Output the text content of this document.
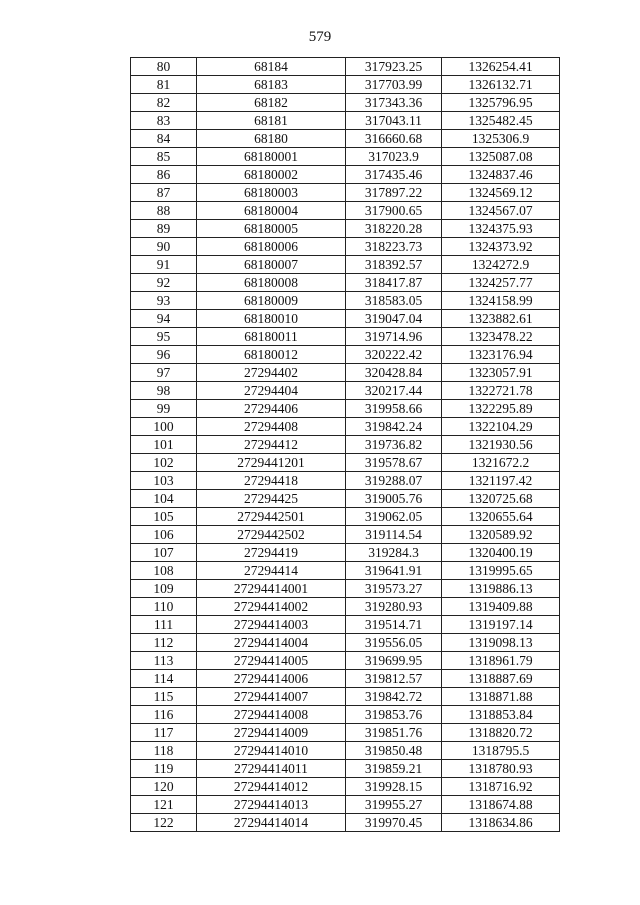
579
80	68184	317923.25	1326254.41
81	68183	317703.99	1326132.71
82	68182	317343.36	1325796.95
83	68181	317043.11	1325482.45
84	68180	316660.68	1325306.9
85	68180001	317023.9	1325087.08
86	68180002	317435.46	1324837.46
87	68180003	317897.22	1324569.12
88	68180004	317900.65	1324567.07
89	68180005	318220.28	1324375.93
90	68180006	318223.73	1324373.92
91	68180007	318392.57	1324272.9
92	68180008	318417.87	1324257.77
93	68180009	318583.05	1324158.99
94	68180010	319047.04	1323882.61
95	68180011	319714.96	1323478.22
96	68180012	320222.42	1323176.94
97	27294402	320428.84	1323057.91
98	27294404	320217.44	1322721.78
99	27294406	319958.66	1322295.89
100	27294408	319842.24	1322104.29
101	27294412	319736.82	1321930.56
102	2729441201	319578.67	1321672.2
103	27294418	319288.07	1321197.42
104	27294425	319005.76	1320725.68
105	2729442501	319062.05	1320655.64
106	2729442502	319114.54	1320589.92
107	27294419	319284.3	1320400.19
108	27294414	319641.91	1319995.65
109	27294414001	319573.27	1319886.13
110	27294414002	319280.93	1319409.88
111	27294414003	319514.71	1319197.14
112	27294414004	319556.05	1319098.13
113	27294414005	319699.95	1318961.79
114	27294414006	319812.57	1318887.69
115	27294414007	319842.72	1318871.88
116	27294414008	319853.76	1318853.84
117	27294414009	319851.76	1318820.72
118	27294414010	319850.48	1318795.5
119	27294414011	319859.21	1318780.93
120	27294414012	319928.15	1318716.92
121	27294414013	319955.27	1318674.88
122	27294414014	319970.45	1318634.86
